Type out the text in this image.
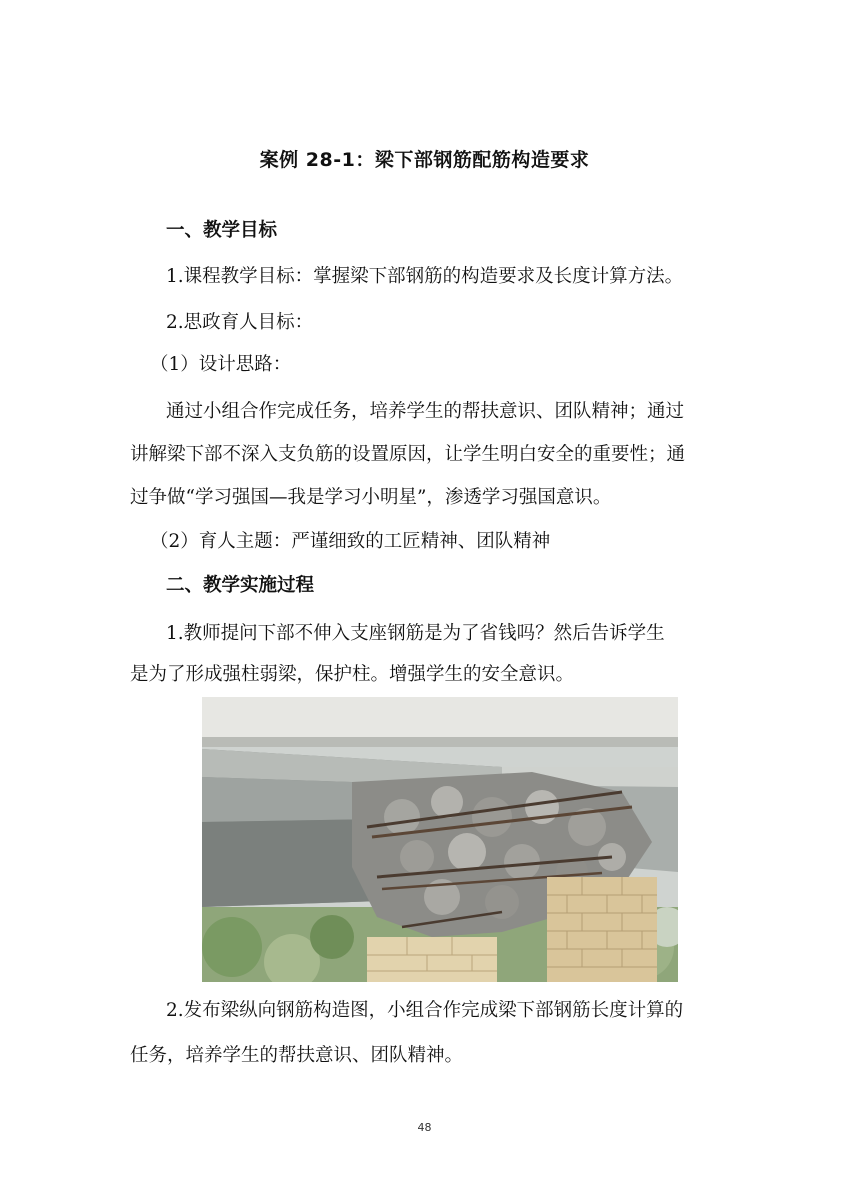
案例 28-1：梁下部钢筋配筋构造要求
一、教学目标
1.课程教学目标：掌握梁下部钢筋的构造要求及长度计算方法。
2.思政育人目标：
（1）设计思路：
通过小组合作完成任务，培养学生的帮扶意识、团队精神；通过
讲解梁下部不深入支负筋的设置原因，让学生明白安全的重要性；通
过争做“学习强国—我是学习小明星”，渗透学习强国意识。
（2）育人主题：严谨细致的工匠精神、团队精神
二、教学实施过程
1.教师提问下部不伸入支座钢筋是为了省钱吗？然后告诉学生
是为了形成强柱弱梁，保护柱。增强学生的安全意识。
2.发布梁纵向钢筋构造图，小组合作完成梁下部钢筋长度计算的
任务，培养学生的帮扶意识、团队精神。
48
